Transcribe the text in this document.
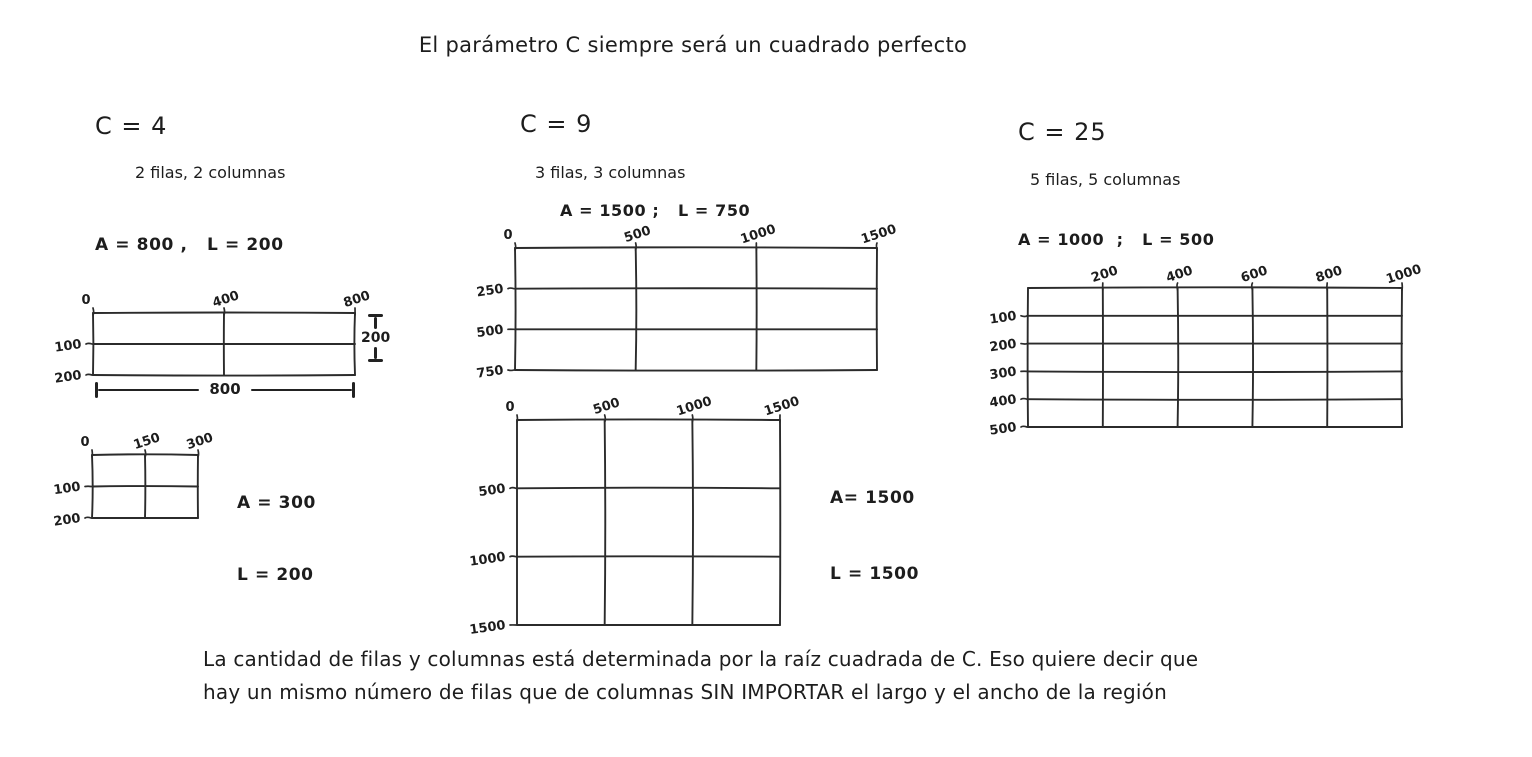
El parámetro C siempre será un cuadrado perfecto
C = 4
2 filas, 2 columnas
A = 800 ,   L = 200
0	400	800
100
200
200
800
0	150 300
100
200

A = 300

L = 200

C = 9
3 filas, 3 columnas
A = 1500 ;   L = 750
0	500	1000	1500
250
500
750
0	500	1000	1500
500
1000
1500

A= 1500

L = 1500

C = 25
5 filas, 5 columnas
A = 1000  ;   L = 500
200	400	600	800	1000
100
200
300
400
500
La cantidad de filas y columnas está determinada por la raíz cuadrada de C. Eso quiere decir que
hay un mismo número de filas que de columnas SIN IMPORTAR el largo y el ancho de la región
